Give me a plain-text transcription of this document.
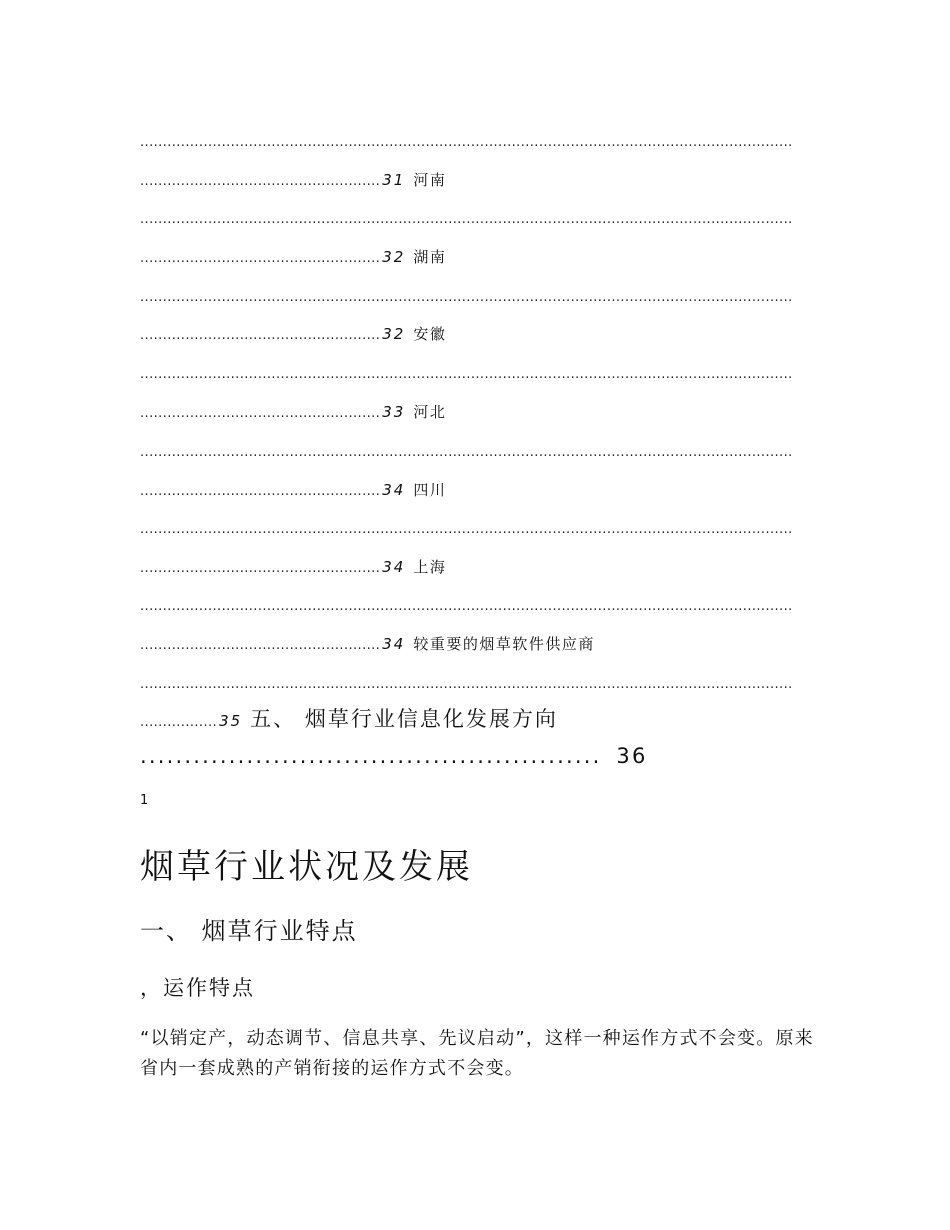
................................................................................................................................................
..................................................... 31 河南
................................................................................................................................................
..................................................... 32 湖南
................................................................................................................................................
..................................................... 32 安徽
................................................................................................................................................
..................................................... 33 河北
................................................................................................................................................
..................................................... 34 四川
................................................................................................................................................
..................................................... 34 上海
................................................................................................................................................
..................................................... 34 较重要的烟草软件供应商
................................................................................................................................................
................. 35 五、 烟草行业信息化发展方向
.................................................... 36
1
烟草行业状况及发展
一、 烟草行业特点
，运作特点
“以销定产，动态调节、信息共享、先议启动”，这样一种运作方式不会变。原来省内一套成熟的产销衔接的运作方式不会变。
